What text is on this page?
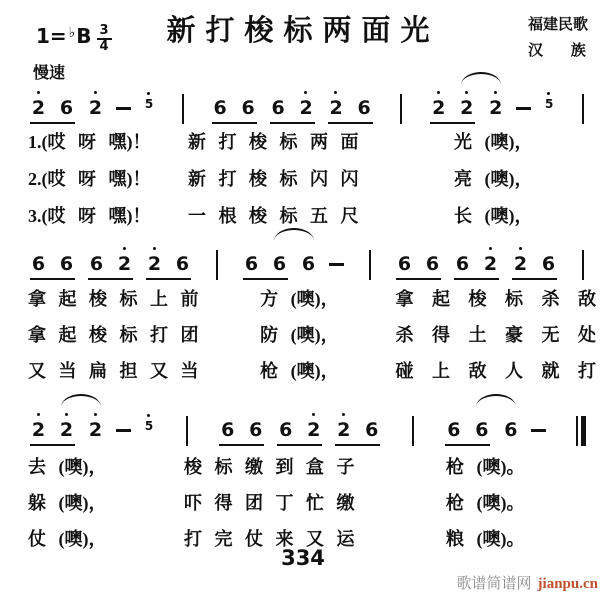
新打梭标两面光	福建民歌
汉 族
$1= ^♭B \frac{3}{4}$
慢速
2 6 2	5	6 6 6 2 2 6	2 2 2	5
1.(哎 呀 嘿)！	新 打 梭 标 两 面	光 (噢)，
2.(哎 呀 嘿)！	新 打 梭 标 闪 闪	亮 (噢)，
3.(哎 呀 嘿)！	一 根 梭 标 五 尺	长 (噢)，
6 6 6 2 2 6	6 6 6	6 6 6 2 2 6
拿 起 梭 标 上 前	方 (噢)，	拿 起 梭 标 杀 敌
拿 起 梭 标 打 团	防 (噢)，	杀 得 土 豪 无 处
又 当 扁 担 又 当	枪 (噢)，	碰 上 敌 人 就 打
2 2 2	5	6 6 6 2 2 6	6 6 6
去 (噢)，	梭 标 缴 到 盒 子	枪 (噢)。
躲 (噢)，	吓 得 团 丁 忙 缴	枪 (噢)。
仗 (噢)，	打 完 仗 来 又 运	粮 (噢)。
334
歌谱简谱网 jianpu.cn
